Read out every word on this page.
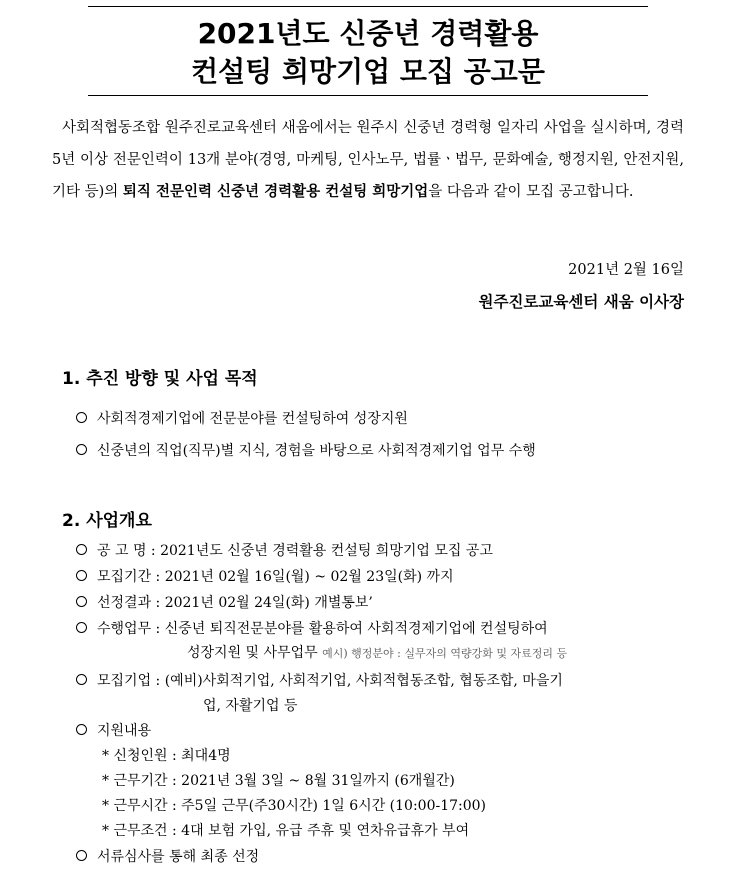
2021년도 신중년 경력활용
컨설팅 희망기업 모집 공고문
사회적협동조합 원주진로교육센터 새움에서는 원주시 신중년 경력형 일자리 사업을 실시하며, 경력 5년 이상 전문인력이 13개 분야(경영, 마케팅, 인사노무, 법률ㆍ법무, 문화예술, 행정지원, 안전지원, 기타 등)의 퇴직 전문인력 신중년 경력활용 컨설팅 희망기업을 다음과 같이 모집 공고합니다.
2021년 2월 16일
원주진로교육센터 새움 이사장
1. 추진 방향 및 사업 목적
사회적경제기업에 전문분야를 컨설팅하여 성장지원
신중년의 직업(직무)별 지식, 경험을 바탕으로 사회적경제기업 업무 수행
2. 사업개요
공 고 명 : 2021년도 신중년 경력활용 컨설팅 희망기업 모집 공고
모집기간 : 2021년 02월 16일(월) ~ 02월 23일(화) 까지
선정결과 : 2021년 02월 24일(화) 개별통보’
수행업무 : 신중년 퇴직전문분야를 활용하여 사회적경제기업에 컨설팅하여
성장지원 및 사무업무 예시) 행정분야 : 실무자의 역량강화 및 자료정리 등
모집기업 : (예비)사회적기업, 사회적기업, 사회적협동조합, 협동조합, 마을기
업, 자활기업 등
지원내용
* 신청인원 : 최대4명
* 근무기간 : 2021년 3월 3일 ~ 8월 31일까지 (6개월간)
* 근무시간 : 주5일 근무(주30시간) 1일 6시간 (10:00-17:00)
* 근무조건 : 4대 보험 가입, 유급 주휴 및 연차유급휴가 부여
서류심사를 통해 최종 선정
